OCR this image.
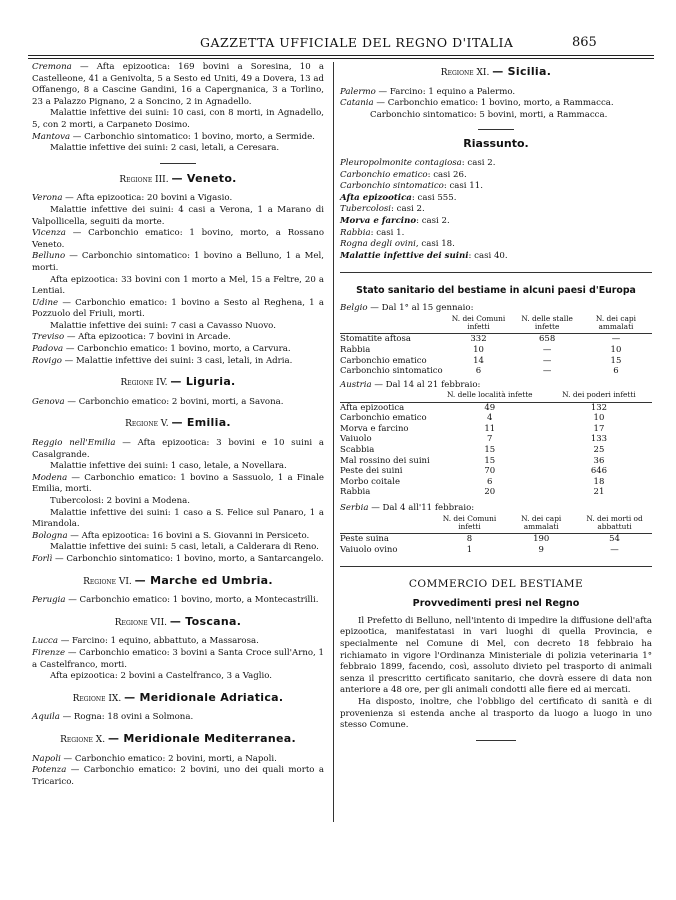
GAZZETTA UFFICIALE DEL REGNO D'ITALIA	865

Cremona — Afta epizootica: 169 bovini a Soresina, 10 a Castelleone, 41 a Genivolta, 5 a Sesto ed Uniti, 49 a Dovera, 13 ad Offanengo, 8 a Cascine Gandini, 16 a Capergnanica, 3 a Torlino, 23 a Palazzo Pignano, 2 a Soncino, 2 in Agnadello.

Malattie infettive dei suini: 10 casi, con 8 morti, in Agnadello, 5, con 2 morti, a Carpaneto Dosimo.

Mantova — Carbonchio sintomatico: 1 bovino, morto, a Sermide.

Malattie infettive dei suini: 2 casi, letali, a Ceresara.

Regione III. — Veneto.

Verona — Afta epizootica: 20 bovini a Vigasio.

Malattie infettive dei suini: 4 casi a Verona, 1 a Marano di Valpollicella, seguiti da morte.

Vicenza — Carbonchio ematico: 1 bovino, morto, a Rossano Veneto.

Belluno — Carbonchio sintomatico: 1 bovino a Belluno, 1 a Mel, morti.

Afta epizootica: 33 bovini con 1 morto a Mel, 15 a Feltre, 20 a Lentiai.

Udine — Carbonchio ematico: 1 bovino a Sesto al Reghena, 1 a Pozzuolo del Friuli, morti.

Malattie infettive dei suini: 7 casi a Cavasso Nuovo.

Treviso — Afta epizootica: 7 bovini in Arcade.

Padova — Carbonchio ematico: 1 bovino, morto, a Carvura.

Rovigo — Malattie infettive dei suini: 3 casi, letali, in Adria.

Regione IV. — Liguria.

Genova — Carbonchio ematico: 2 bovini, morti, a Savona.

Regione V. — Emilia.

Reggio nell'Emilia — Afta epizootica: 3 bovini e 10 suini a Casalgrande.

Malattie infettive dei suini: 1 caso, letale, a Novellara.

Modena — Carbonchio ematico: 1 bovino a Sassuolo, 1 a Finale Emilia, morti.

Tubercolosi: 2 bovini a Modena.

Malattie infettive dei suini: 1 caso a S. Felice sul Panaro, 1 a Mirandola.

Bologna — Afta epizootica: 16 bovini a S. Giovanni in Persiceto.

Malattie infettive dei suini: 5 casi, letali, a Calderara di Reno.

Forlì — Carbonchio sintomatico: 1 bovino, morto, a Santarcangelo.

Regione VI. — Marche ed Umbria.

Perugia — Carbonchio ematico: 1 bovino, morto, a Montecastrilli.

Regione VII. — Toscana.

Lucca — Farcino: 1 equino, abbattuto, a Massarosa.

Firenze — Carbonchio ematico: 3 bovini a Santa Croce sull'Arno, 1 a Castelfranco, morti.

Afta epizootica: 2 bovini a Castelfranco, 3 a Vaglio.

Regione IX. — Meridionale Adriatica.

Aquila — Rogna: 18 ovini a Solmona.

Regione X. — Meridionale Mediterranea.

Napoli — Carbonchio ematico: 2 bovini, morti, a Napoli.

Potenza — Carbonchio ematico: 2 bovini, uno dei quali morto a Tricarico.

Regione XI. — Sicilia.

Palermo — Farcino: 1 equino a Palermo.

Catania — Carbonchio ematico: 1 bovino, morto, a Rammacca.

Carbonchio sintomatico: 5 bovini, morti, a Rammacca.

Riassunto.

Pleuropolmonite contagiosa: casi 2.

Carbonchio ematico: casi 26.

Carbonchio sintomatico: casi 11.

Afta epizootica: casi 555.

Tubercolosi: casi 2.

Morva e farcino: casi 2.

Rabbia: casi 1.

Rogna degli ovini, casi 18.

Malattie infettive dei suini: casi 40.

Stato sanitario del bestiame in alcuni paesi d'Europa

Belgio — Dal 1° al 15 gennaio:

	N. dei Comuni infetti	N. delle stalle infette	N. dei capi ammalati
Stomatite aftosa	332	658	—
Rabbia	10	—	10
Carbonchio ematico	14	—	15
Carbonchio sintomatico	6	—	6

Austria — Dal 14 al 21 febbraio:

	N. delle località infette	N. dei poderi infetti
Afta epizootica	49	132
Carbonchio ematico	4	10
Morva e farcino	11	17
Vaiuolo	7	133
Scabbia	15	25
Mal rossino dei suini	15	36
Peste dei suini	70	646
Morbo coitale	6	18
Rabbia	20	21

Serbia — Dal 4 all'11 febbraio:

	N. dei Comuni infetti	N. dei capi ammalati	N. dei morti od abbattuti
Peste suina	8	190	54
Vaiuolo ovino	1	9	—
COMMERCIO DEL BESTIAME
Provvedimenti presi nel Regno

Il Prefetto di Belluno, nell'intento di impedire la diffusione dell'afta epizootica, manifestatasi in vari luoghi di quella Provincia, e specialmente nel Comune di Mel, con decreto 18 febbraio ha richiamato in vigore l'Ordinanza Ministeriale di polizia veterinaria 1° febbraio 1899, facendo, così, assoluto divieto pel trasporto di animali senza il prescritto certificato sanitario, che dovrà essere di data non anteriore a 48 ore, per gli animali condotti alle fiere ed ai mercati.

Ha disposto, inoltre, che l'obbligo del certificato di sanità e di provenienza si estenda anche al trasporto da luogo a luogo in uno stesso Comune.
